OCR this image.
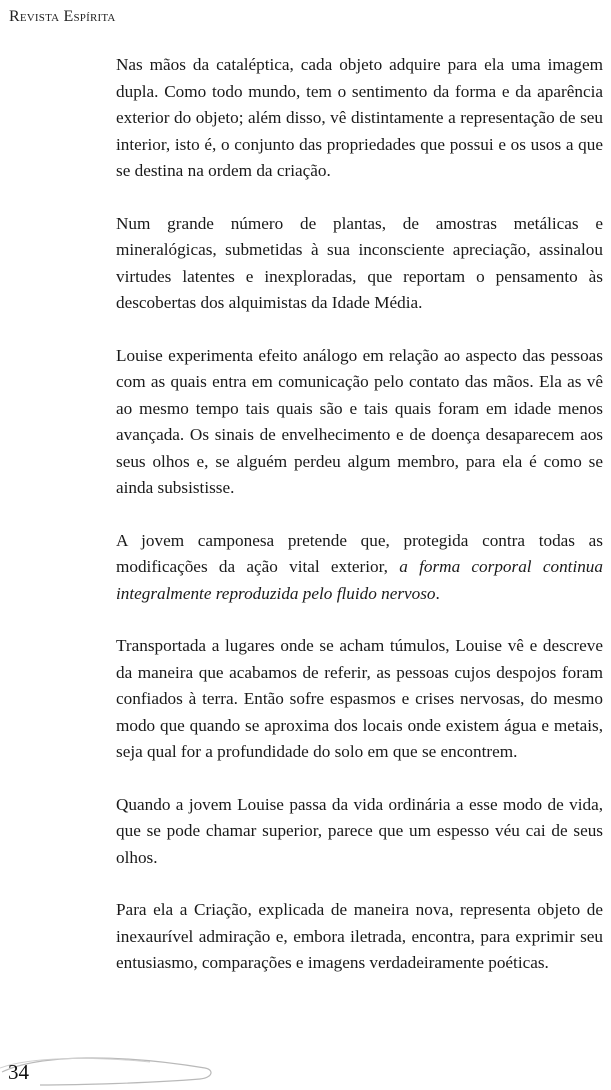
Revista Espírita

Nas mãos da cataléptica, cada objeto adquire para ela uma imagem dupla. Como todo mundo, tem o sentimento da forma e da aparência exterior do objeto; além disso, vê distintamente a representação de seu interior, isto é, o conjunto das propriedades que possui e os usos a que se destina na ordem da criação.

Num grande número de plantas, de amostras metálicas e mineralógicas, submetidas à sua inconsciente apreciação, assinalou virtudes latentes e inexploradas, que reportam o pensamento às descobertas dos alquimistas da Idade Média.

Louise experimenta efeito análogo em relação ao aspecto das pessoas com as quais entra em comunicação pelo contato das mãos. Ela as vê ao mesmo tempo tais quais são e tais quais foram em idade menos avançada. Os sinais de envelhecimento e de doença desaparecem aos seus olhos e, se alguém perdeu algum membro, para ela é como se ainda subsistisse.

A jovem camponesa pretende que, protegida contra todas as modificações da ação vital exterior, a forma corporal continua integralmente reproduzida pelo fluido nervoso.

Transportada a lugares onde se acham túmulos, Louise vê e descreve da maneira que acabamos de referir, as pessoas cujos despojos foram confiados à terra. Então sofre espasmos e crises nervosas, do mesmo modo que quando se aproxima dos locais onde existem água e metais, seja qual for a profundidade do solo em que se encontrem.

Quando a jovem Louise passa da vida ordinária a esse modo de vida, que se pode chamar superior, parece que um espesso véu cai de seus olhos.

Para ela a Criação, explicada de maneira nova, representa objeto de inexaurível admiração e, embora iletrada, encontra, para exprimir seu entusiasmo, comparações e imagens verdadeiramente poéticas.

34
